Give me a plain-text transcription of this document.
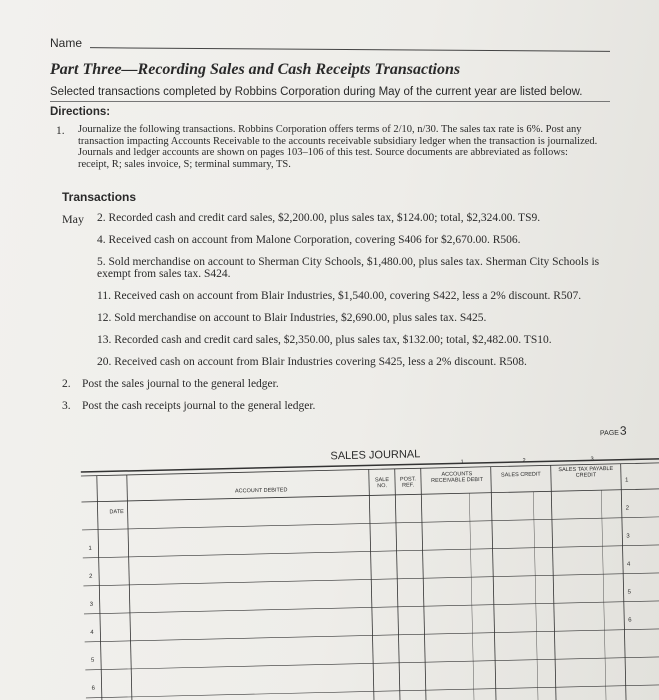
Name
Part Three—Recording Sales and Cash Receipts Transactions
Selected transactions completed by Robbins Corporation during May of the current year are listed below.
Directions:
1. Journalize the following transactions. Robbins Corporation offers terms of 2/10, n/30. The sales tax rate is 6%. Post any transaction impacting Accounts Receivable to the accounts receivable subsidiary ledger when the transaction is journalized. Journals and ledger accounts are shown on pages 103–106 of this test. Source documents are abbreviated as follows: receipt, R; sales invoice, S; terminal summary, TS.
Transactions
May 2. Recorded cash and credit card sales, $2,200.00, plus sales tax, $124.00; total, $2,324.00. TS9.
4. Received cash on account from Malone Corporation, covering S406 for $2,670.00. R506.
5. Sold merchandise on account to Sherman City Schools, $1,480.00, plus sales tax. Sherman City Schools is exempt from sales tax. S424.
11. Received cash on account from Blair Industries, $1,540.00, covering S422, less a 2% discount. R507.
12. Sold merchandise on account to Blair Industries, $2,690.00, plus sales tax. S425.
13. Recorded cash and credit card sales, $2,350.00, plus sales tax, $132.00; total, $2,482.00. TS10.
20. Received cash on account from Blair Industries covering S425, less a 2% discount. R508.
2. Post the sales journal to the general ledger.
3. Post the cash receipts journal to the general ledger.
PAGE 3
SALES JOURNAL
1	2	3
DATE
ACCOUNT DEBITED
SALE NO.
POST. REF.
ACCOUNTS RECEIVABLE DEBIT
SALES CREDIT
SALES TAX PAYABLE CREDIT
1
2
3
4
5
6
1
2
3
4
5
6
